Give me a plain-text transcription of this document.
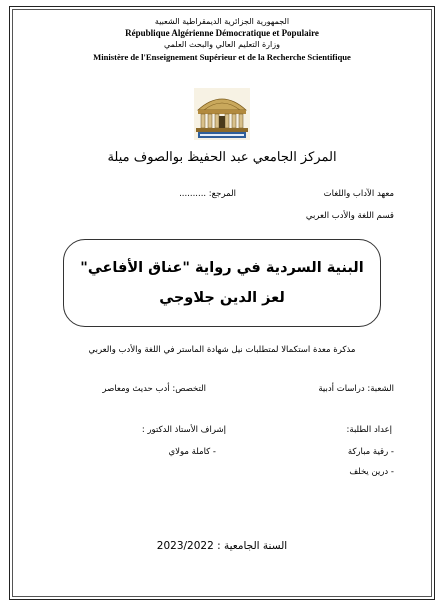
الجمهورية الجزائرية الديمقراطية الشعبية
République Algérienne Démocratique et Populaire
وزارة التعليم العالي والبحث العلمي
Ministère de l'Enseignement Supérieur et de la Recherche Scientifique
المركز الجامعي عبد الحفيظ بوالصوف ميلة
معهد الآداب واللغات
المرجع: ..........
قسم اللغة والأدب العربي
البنية السردية في رواية "عناق الأفاعي"
لعز الدين جلاوجي
مذكرة معدة استكمالا لمتطلبات نيل شهادة الماستر في اللغة والأدب والعربي
الشعبة: دراسات أدبية
التخصص: أدب حديث ومعاصر
إعداد الطلبة:
إشراف الأستاذ الدكتور :
- رقية مباركة
- كاملة مولاي
- درين يخلف
السنة الجامعية : 2023/2022
